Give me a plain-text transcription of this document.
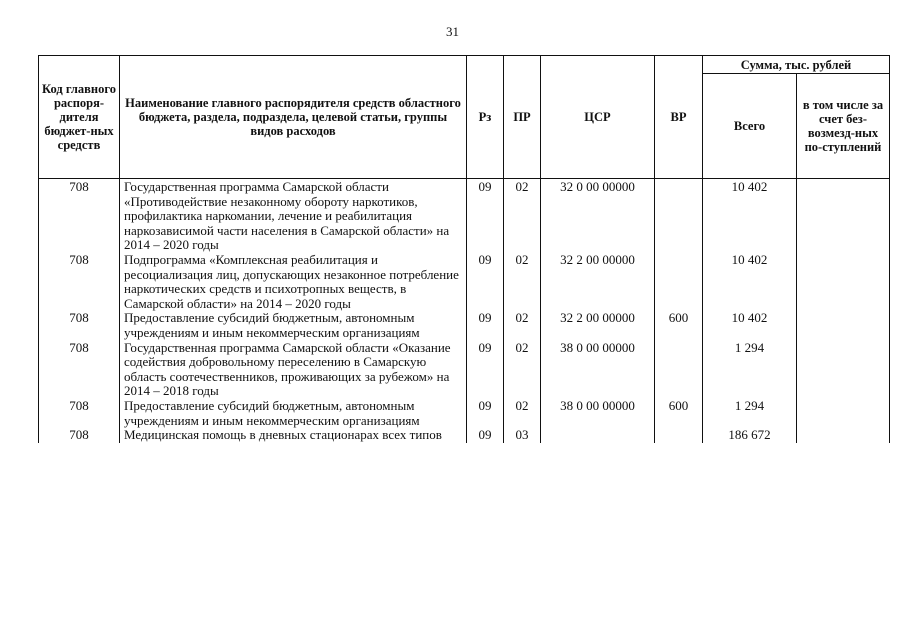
31
Код главного распоря-дителя бюджет-ных средств	Наименование главного распорядителя средств областного бюджета, раздела, подраздела, целевой статьи, группы видов расходов	Рз	ПР	ЦСР	ВР	Сумма, тыс. рублей	
						Всего	в том числе за счет без-возмезд-ных по-ступлений
708	Государственная программа Самарской области «Противодействие незаконному обороту наркотиков, профилактика наркомании, лечение и реабилитация наркозависимой части населения в Самарской области» на 2014 – 2020 годы	09	02	32 0 00 00000		10 402	
708	Подпрограмма «Комплексная реабилитация и ресоциализация лиц, допускающих незаконное потребление наркотических средств и психотропных веществ, в Самарской области» на 2014 – 2020 годы	09	02	32 2 00 00000		10 402	
708	Предоставление субсидий бюджетным, автономным учреждениям и иным некоммерческим организациям	09	02	32 2 00 00000	600	10 402	
708	Государственная программа Самарской области «Оказание содействия добровольному переселению в Самарскую область соотечественников, проживающих за рубежом» на 2014 – 2018 годы	09	02	38 0 00 00000		1 294	
708	Предоставление субсидий бюджетным, автономным учреждениям и иным некоммерческим организациям	09	02	38 0 00 00000	600	1 294	
708	Медицинская помощь в дневных стационарах всех типов	09	03			186 672	
